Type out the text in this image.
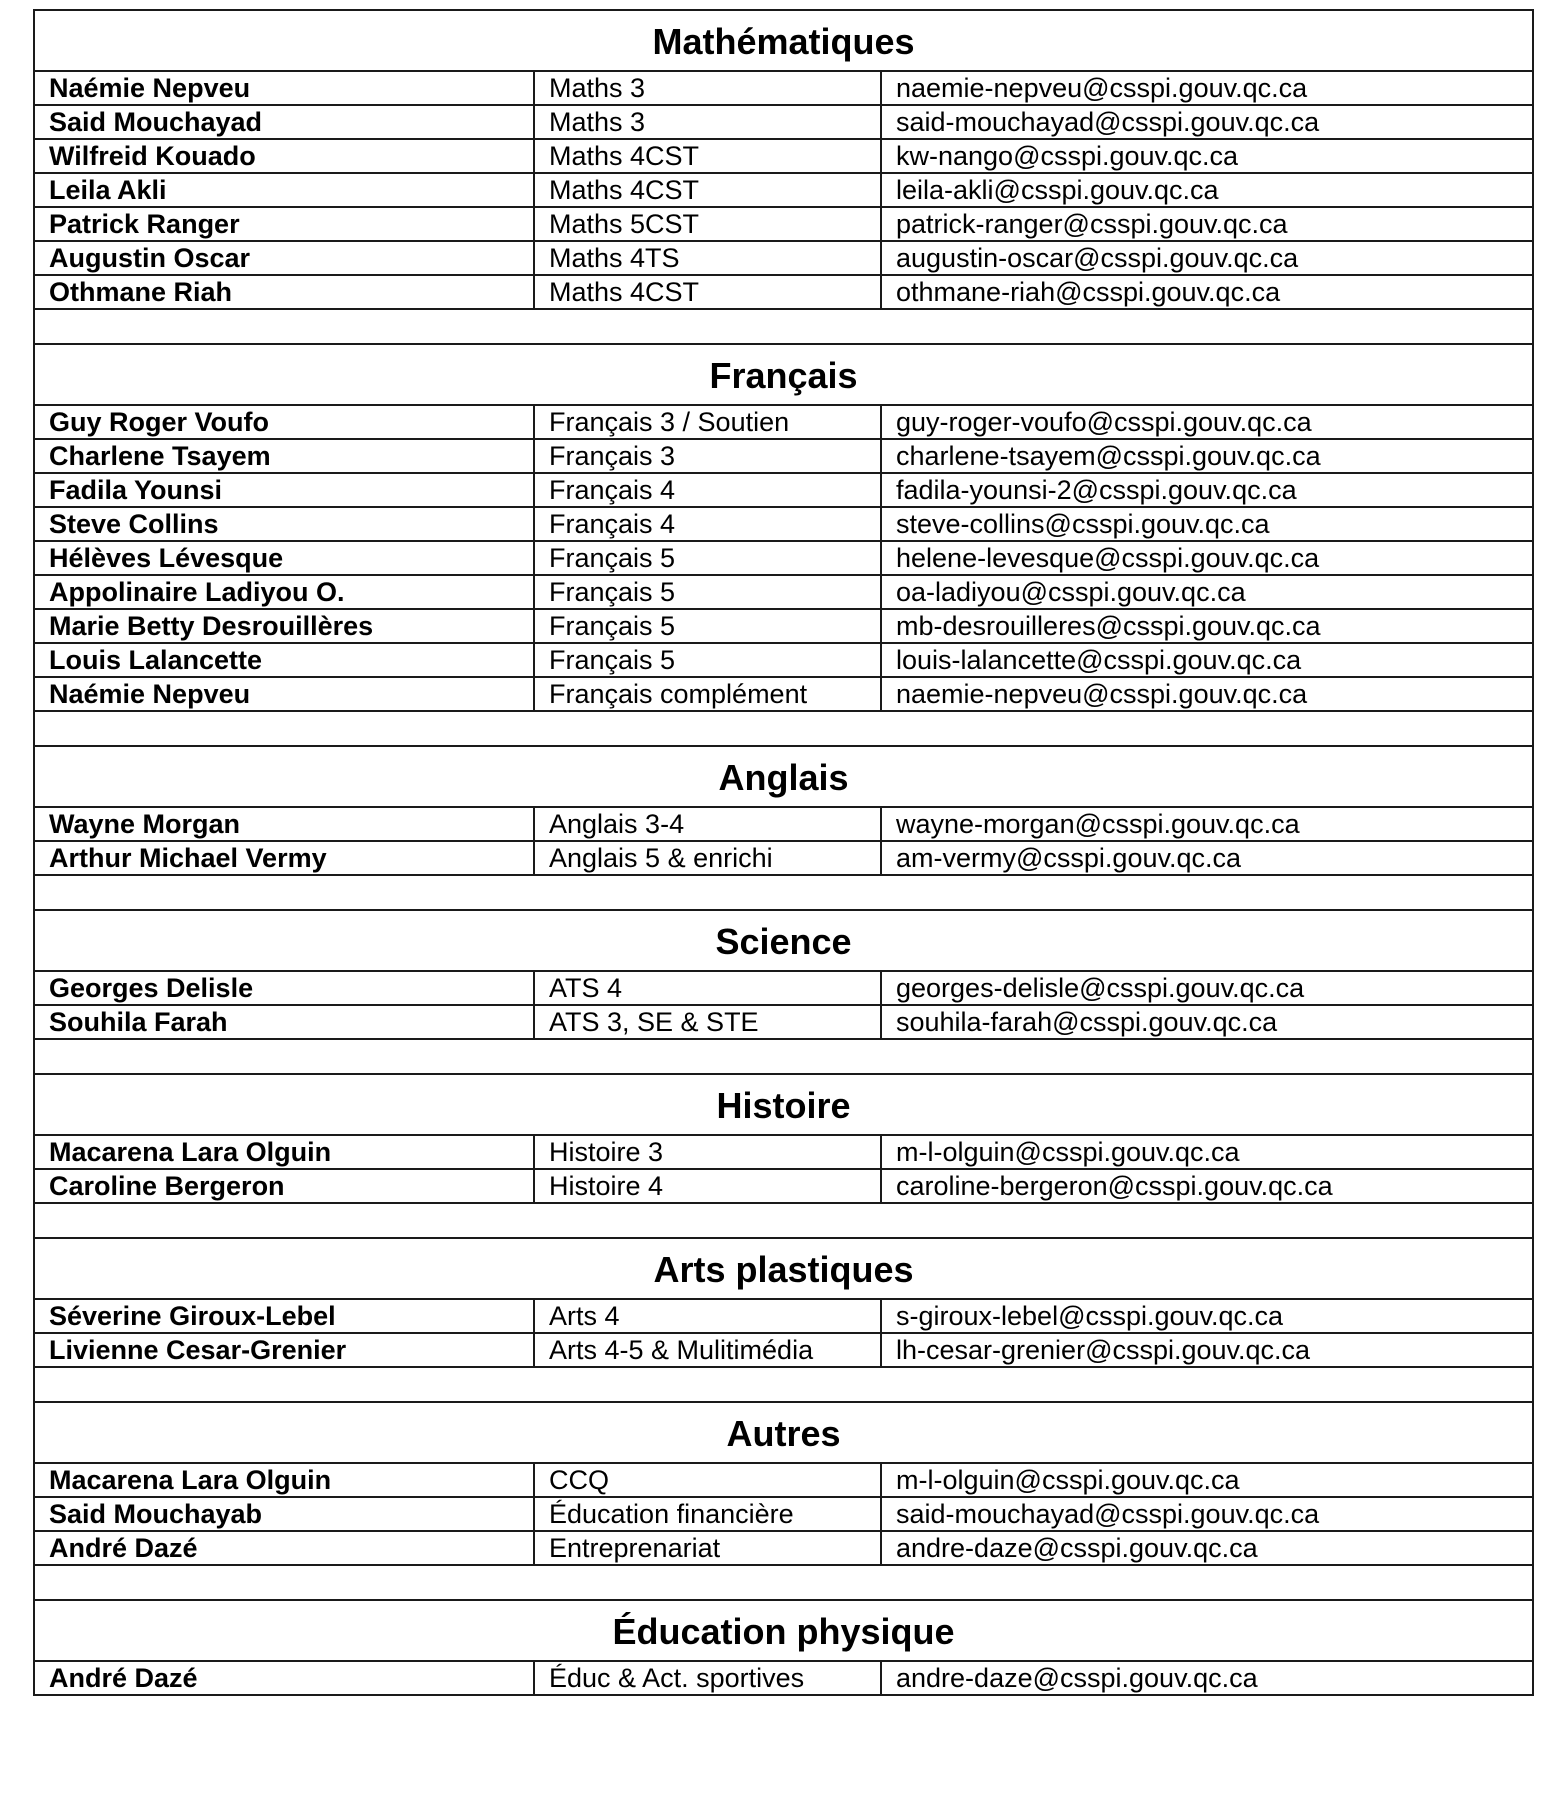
Mathématiques		
Naémie Nepveu	Maths 3	naemie-nepveu@csspi.gouv.qc.ca
Said Mouchayad	Maths 3	said-mouchayad@csspi.gouv.qc.ca
Wilfreid Kouado	Maths 4CST	kw-nango@csspi.gouv.qc.ca
Leila Akli	Maths 4CST	leila-akli@csspi.gouv.qc.ca
Patrick Ranger	Maths 5CST	patrick-ranger@csspi.gouv.qc.ca
Augustin Oscar	Maths 4TS	augustin-oscar@csspi.gouv.qc.ca
Othmane Riah	Maths 4CST	othmane-riah@csspi.gouv.qc.ca

Français		
Guy Roger Voufo	Français 3 / Soutien	guy-roger-voufo@csspi.gouv.qc.ca
Charlene Tsayem	Français 3	charlene-tsayem@csspi.gouv.qc.ca
Fadila Younsi	Français 4	fadila-younsi-2@csspi.gouv.qc.ca
Steve Collins	Français 4	steve-collins@csspi.gouv.qc.ca
Hélèves Lévesque	Français 5	helene-levesque@csspi.gouv.qc.ca
Appolinaire Ladiyou O.	Français 5	oa-ladiyou@csspi.gouv.qc.ca
Marie Betty Desrouillères	Français 5	mb-desrouilleres@csspi.gouv.qc.ca
Louis Lalancette	Français 5	louis-lalancette@csspi.gouv.qc.ca
Naémie Nepveu	Français complément	naemie-nepveu@csspi.gouv.qc.ca

Anglais		
Wayne Morgan	Anglais 3-4	wayne-morgan@csspi.gouv.qc.ca
Arthur Michael Vermy	Anglais 5 & enrichi	am-vermy@csspi.gouv.qc.ca

Science		
Georges Delisle	ATS 4	georges-delisle@csspi.gouv.qc.ca
Souhila Farah	ATS 3, SE & STE	souhila-farah@csspi.gouv.qc.ca

Histoire		
Macarena Lara Olguin	Histoire 3	m-l-olguin@csspi.gouv.qc.ca
Caroline Bergeron	Histoire 4	caroline-bergeron@csspi.gouv.qc.ca

Arts plastiques		
Séverine Giroux-Lebel	Arts 4	s-giroux-lebel@csspi.gouv.qc.ca
Livienne Cesar-Grenier	Arts 4-5 & Mulitimédia	lh-cesar-grenier@csspi.gouv.qc.ca

Autres		
Macarena Lara Olguin	CCQ	m-l-olguin@csspi.gouv.qc.ca
Said Mouchayab	Éducation financière	said-mouchayad@csspi.gouv.qc.ca
André Dazé	Entreprenariat	andre-daze@csspi.gouv.qc.ca

Éducation physique		
André Dazé	Éduc & Act. sportives	andre-daze@csspi.gouv.qc.ca
